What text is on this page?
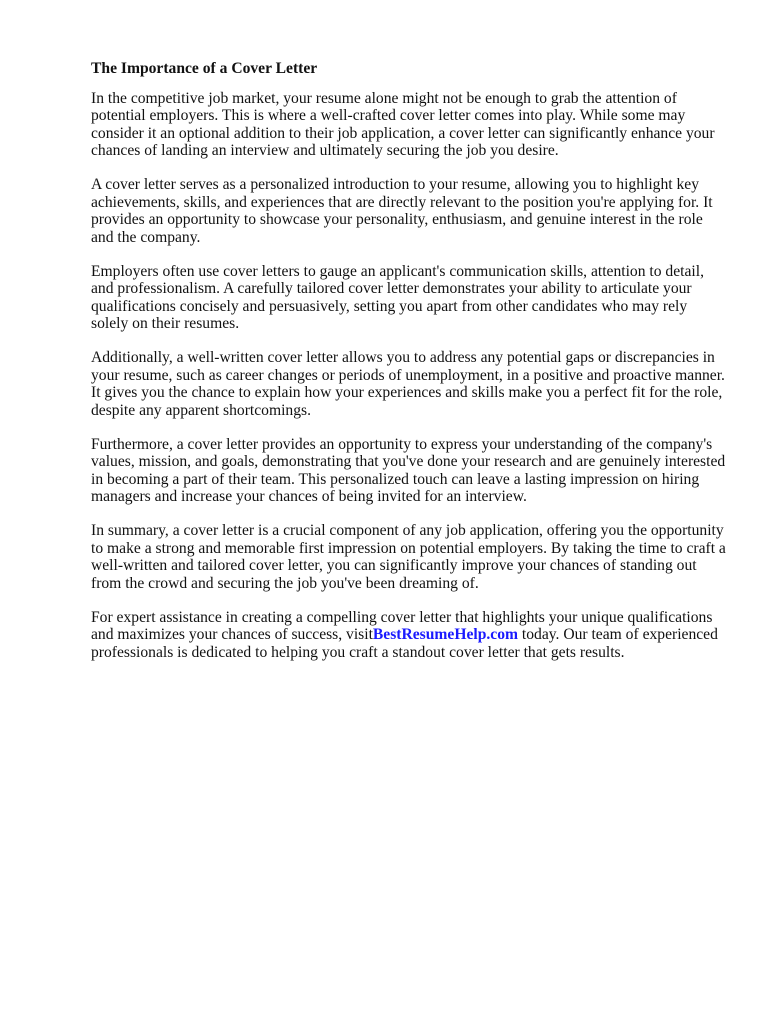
The Importance of a Cover Letter

In the competitive job market, your resume alone might not be enough to grab the attention of potential employers. This is where a well-crafted cover letter comes into play. While some may consider it an optional addition to their job application, a cover letter can significantly enhance your chances of landing an interview and ultimately securing the job you desire.

A cover letter serves as a personalized introduction to your resume, allowing you to highlight key achievements, skills, and experiences that are directly relevant to the position you're applying for. It provides an opportunity to showcase your personality, enthusiasm, and genuine interest in the role and the company.

Employers often use cover letters to gauge an applicant's communication skills, attention to detail, and professionalism. A carefully tailored cover letter demonstrates your ability to articulate your qualifications concisely and persuasively, setting you apart from other candidates who may rely solely on their resumes.

Additionally, a well-written cover letter allows you to address any potential gaps or discrepancies in your resume, such as career changes or periods of unemployment, in a positive and proactive manner. It gives you the chance to explain how your experiences and skills make you a perfect fit for the role, despite any apparent shortcomings.

Furthermore, a cover letter provides an opportunity to express your understanding of the company's values, mission, and goals, demonstrating that you've done your research and are genuinely interested in becoming a part of their team. This personalized touch can leave a lasting impression on hiring managers and increase your chances of being invited for an interview.

In summary, a cover letter is a crucial component of any job application, offering you the opportunity to make a strong and memorable first impression on potential employers. By taking the time to craft a well-written and tailored cover letter, you can significantly improve your chances of standing out from the crowd and securing the job you've been dreaming of.

For expert assistance in creating a compelling cover letter that highlights your unique qualifications and maximizes your chances of success, visitBestResumeHelp.com today. Our team of experienced professionals is dedicated to helping you craft a standout cover letter that gets results.
